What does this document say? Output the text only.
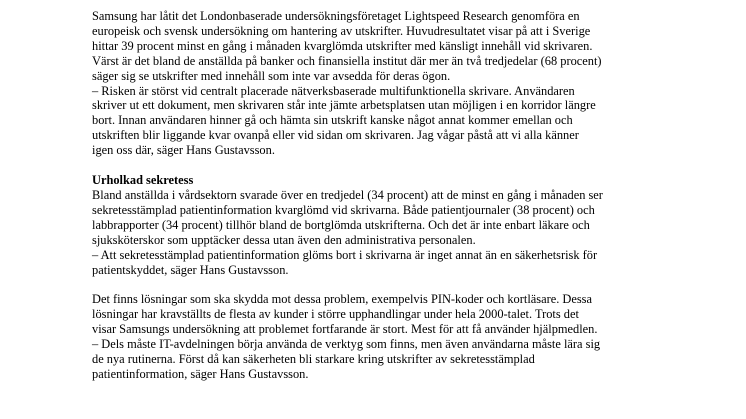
Samsung har låtit det Londonbaserade undersökningsföretaget Lightspeed Research genomföra en
europeisk och svensk undersökning om hantering av utskrifter. Huvudresultatet visar på att i Sverige
hittar 39 procent minst en gång i månaden kvarglömda utskrifter med känsligt innehåll vid skrivaren.
Värst är det bland de anställda på banker och finansiella institut där mer än två tredjedelar (68 procent)
säger sig se utskrifter med innehåll som inte var avsedda för deras ögon.
– Risken är störst vid centralt placerade nätverksbaserade multifunktionella skrivare. Användaren
skriver ut ett dokument, men skrivaren står inte jämte arbetsplatsen utan möjligen i en korridor längre
bort. Innan användaren hinner gå och hämta sin utskrift kanske något annat kommer emellan och
utskriften blir liggande kvar ovanpå eller vid sidan om skrivaren. Jag vågar påstå att vi alla känner
igen oss där, säger Hans Gustavsson.
Urholkad sekretess
Bland anställda i vårdsektorn svarade över en tredjedel (34 procent) att de minst en gång i månaden ser
sekretesstämplad patientinformation kvarglömd vid skrivarna. Både patientjournaler (38 procent) och
labbrapporter (34 procent) tillhör bland de bortglömda utskrifterna. Och det är inte enbart läkare och
sjuksköterskor som upptäcker dessa utan även den administrativa personalen.
– Att sekretesstämplad patientinformation glöms bort i skrivarna är inget annat än en säkerhetsrisk för
patientskyddet, säger Hans Gustavsson.
Det finns lösningar som ska skydda mot dessa problem, exempelvis PIN-koder och kortläsare. Dessa
lösningar har kravställts de flesta av kunder i större upphandlingar under hela 2000-talet. Trots det
visar Samsungs undersökning att problemet fortfarande är stort. Mest för att få använder hjälpmedlen.
– Dels måste IT-avdelningen börja använda de verktyg som finns, men även användarna måste lära sig
de nya rutinerna. Först då kan säkerheten bli starkare kring utskrifter av sekretesstämplad
patientinformation, säger Hans Gustavsson.
